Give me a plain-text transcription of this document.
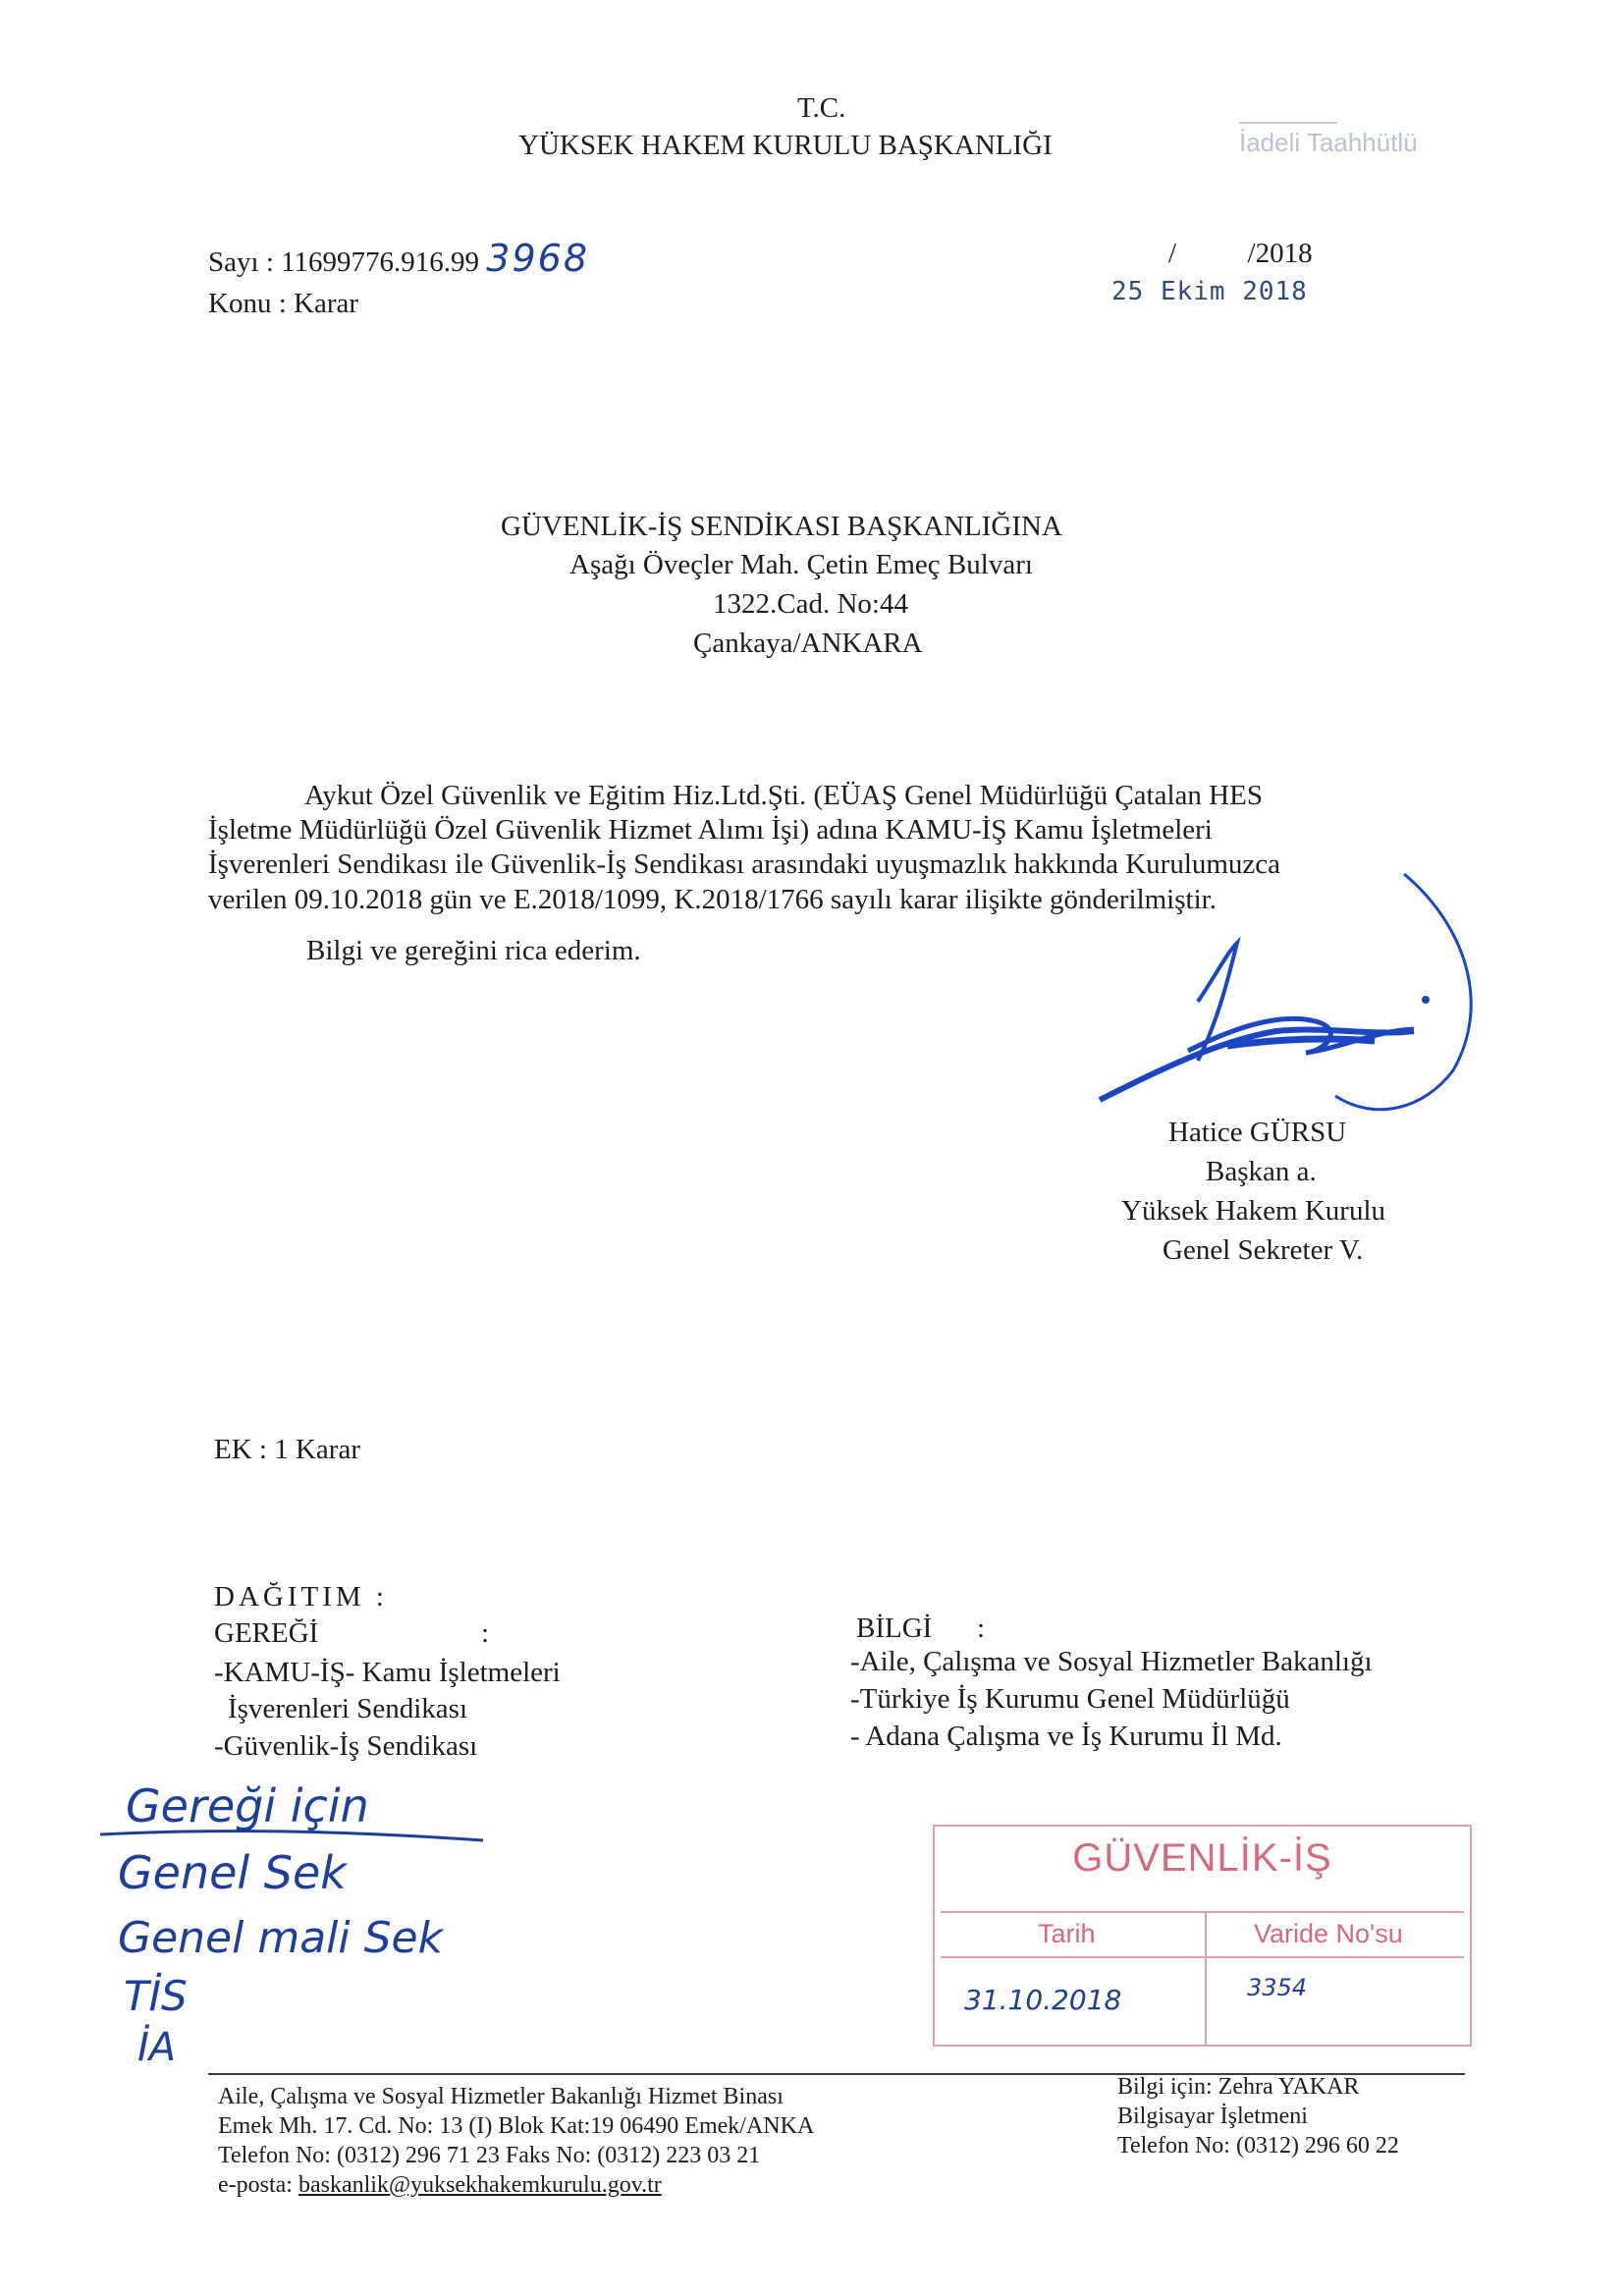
T.C.
YÜKSEK HAKEM KURULU BAŞKANLIĞI	İadeli Taahhütlü
Sayı : 11699776.916.99 3968
Konu : Karar
/          /2018
25 Ekim 2018
GÜVENLİK-İŞ SENDİKASI BAŞKANLIĞINA
Aşağı Öveçler Mah. Çetin Emeç Bulvarı
1322.Cad. No:44
Çankaya/ANKARA
Aykut Özel Güvenlik ve Eğitim Hiz.Ltd.Şti. (EÜAŞ Genel Müdürlüğü Çatalan HES
İşletme Müdürlüğü Özel Güvenlik Hizmet Alımı İşi) adına KAMU-İŞ Kamu İşletmeleri
İşverenleri Sendikası ile Güvenlik-İş Sendikası arasındaki uyuşmazlık hakkında Kurulumuzca
verilen 09.10.2018 gün ve E.2018/1099, K.2018/1766 sayılı karar ilişikte gönderilmiştir.
Bilgi ve gereğini rica ederim.
Hatice GÜRSU
Başkan a.
Yüksek Hakem Kurulu
Genel Sekreter V.
EK : 1 Karar
DAĞITIM :
GEREĞİ	:
-KAMU-İŞ- Kamu İşletmeleri
İşverenleri Sendikası
-Güvenlik-İş Sendikası
BİLGİ :
-Aile, Çalışma ve Sosyal Hizmetler Bakanlığı
-Türkiye İş Kurumu Genel Müdürlüğü
- Adana Çalışma ve İş Kurumu İl Md.
Gereği için
Genel Sek
Genel mali Sek
TİS
İA
GÜVENLİK-İŞ
Tarih	Varide No'su
31.10.2018	3354
Aile, Çalışma ve Sosyal Hizmetler Bakanlığı Hizmet Binası
Emek Mh. 17. Cd. No: 13 (I) Blok Kat:19 06490 Emek/ANKA
Telefon No: (0312) 296 71 23 Faks No: (0312) 223 03 21
e-posta: baskanlik@yuksekhakemkurulu.gov.tr
Bilgi için: Zehra YAKAR
Bilgisayar İşletmeni
Telefon No: (0312) 296 60 22
